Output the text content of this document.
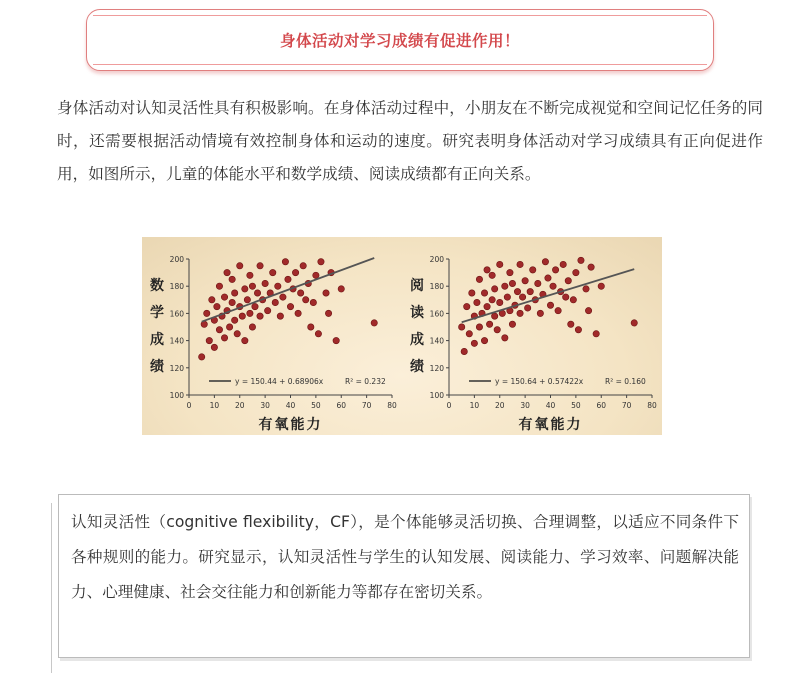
身体活动对学习成绩有促进作用！

身体活动对认知灵活性具有积极影响。在身体活动过程中，小朋友在不断完成视觉和空间记忆任务的同时，还需要根据活动情境有效控制身体和运动的速度。研究表明身体活动对学习成绩具有正向促进作用，如图所示，儿童的体能水平和数学成绩、阅读成绩都有正向关系。

100
120
140
160
180
200
0 10 20 30 40 50 60 70 80
数
学
成
绩
有氧能力
y = 150.44 + 0.68906x	R² = 0.232
100
120
140
160
180
200
0 10 20 30 40 50 60 70 80
阅
读
成
绩
有氧能力
y = 150.64 + 0.57422x	R² = 0.160

认知灵活性（cognitive flexibility，CF），是个体能够灵活切换、合理调整，以适应不同条件下各种规则的能力。研究显示，认知灵活性与学生的认知发展、阅读能力、学习效率、问题解决能力、心理健康、社会交往能力和创新能力等都存在密切关系。
